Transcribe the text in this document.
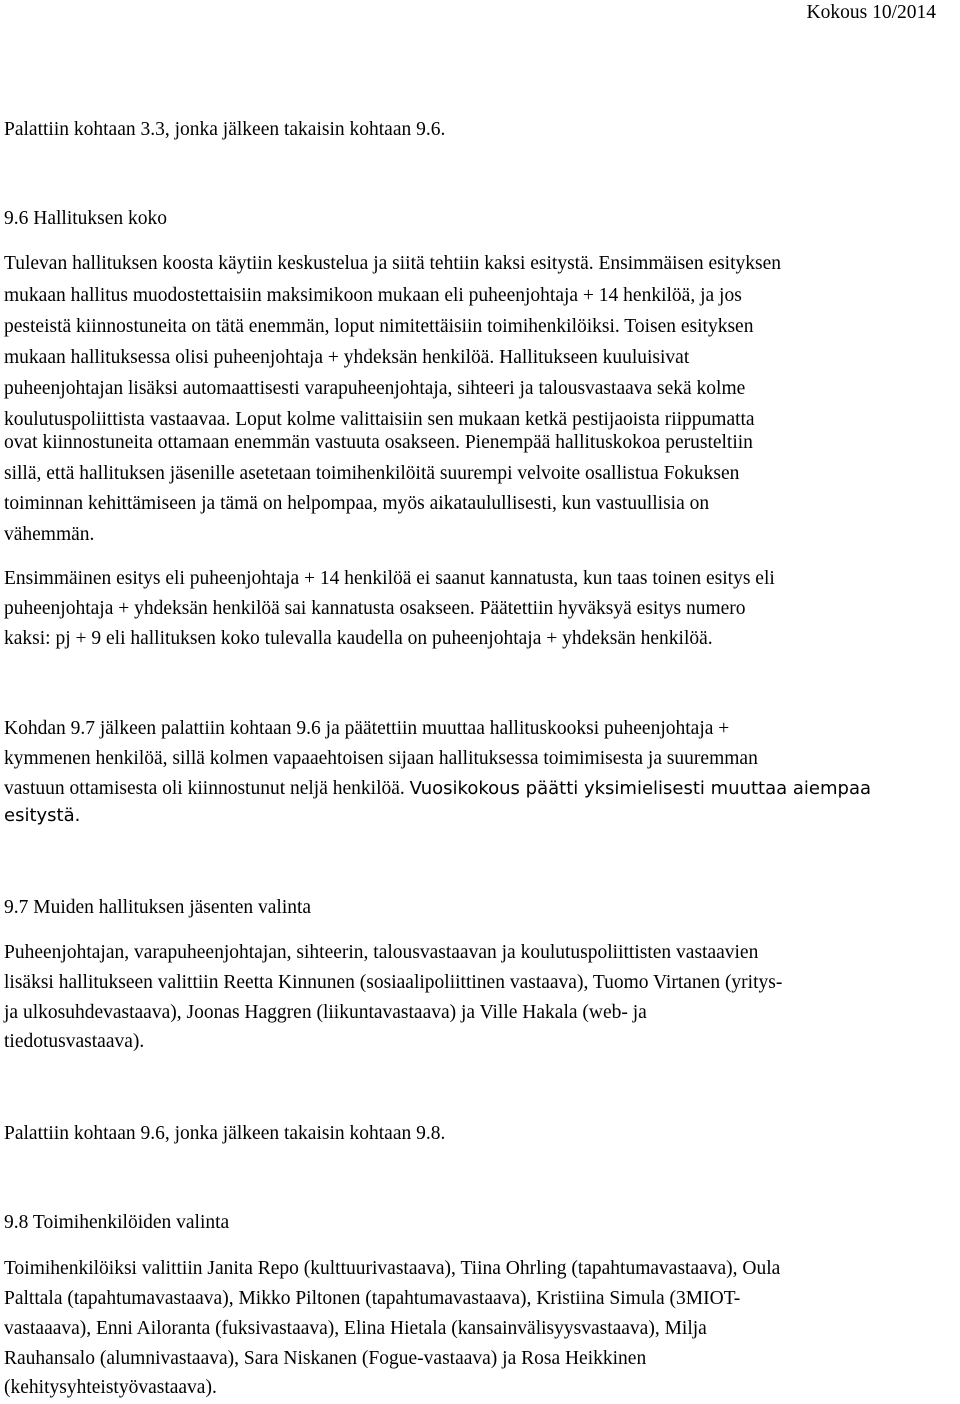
Kokous 10/2014
Palattiin kohtaan 3.3, jonka jälkeen takaisin kohtaan 9.6.
9.6 Hallituksen koko
Tulevan hallituksen koosta käytiin keskustelua ja siitä tehtiin kaksi esitystä. Ensimmäisen esityksen
mukaan hallitus muodostettaisiin maksimikoon mukaan eli puheenjohtaja + 14 henkilöä, ja jos
pesteistä kiinnostuneita on tätä enemmän, loput nimitettäisiin toimihenkilöiksi. Toisen esityksen
mukaan hallituksessa olisi puheenjohtaja + yhdeksän henkilöä. Hallitukseen kuuluisivat
puheenjohtajan lisäksi automaattisesti varapuheenjohtaja, sihteeri ja talousvastaava sekä kolme
koulutuspoliittista vastaavaa. Loput kolme valittaisiin sen mukaan ketkä pestijaoista riippumatta
ovat kiinnostuneita ottamaan enemmän vastuuta osakseen. Pienempää hallituskokoa perusteltiin
sillä, että hallituksen jäsenille asetetaan toimihenkilöitä suurempi velvoite osallistua Fokuksen
toiminnan kehittämiseen ja tämä on helpompaa, myös aikataulullisesti, kun vastuullisia on
vähemmän.
Ensimmäinen esitys eli puheenjohtaja + 14 henkilöä ei saanut kannatusta, kun taas toinen esitys eli
puheenjohtaja + yhdeksän henkilöä sai kannatusta osakseen. Päätettiin hyväksyä esitys numero
kaksi: pj + 9 eli hallituksen koko tulevalla kaudella on puheenjohtaja + yhdeksän henkilöä.
Kohdan 9.7 jälkeen palattiin kohtaan 9.6 ja päätettiin muuttaa hallituskooksi puheenjohtaja +
kymmenen henkilöä, sillä kolmen vapaaehtoisen sijaan hallituksessa toimimisesta ja suuremman
vastuun ottamisesta oli kiinnostunut neljä henkilöä. Vuosikokous päätti yksimielisesti muuttaa aiempaa
esitystä.
9.7 Muiden hallituksen jäsenten valinta
Puheenjohtajan, varapuheenjohtajan, sihteerin, talousvastaavan ja koulutuspoliittisten vastaavien
lisäksi hallitukseen valittiin Reetta Kinnunen (sosiaalipoliittinen vastaava), Tuomo Virtanen (yritys-
ja ulkosuhdevastaava), Joonas Haggren (liikuntavastaava) ja Ville Hakala (web- ja
tiedotusvastaava).
Palattiin kohtaan 9.6, jonka jälkeen takaisin kohtaan 9.8.
9.8 Toimihenkilöiden valinta
Toimihenkilöiksi valittiin Janita Repo (kulttuurivastaava), Tiina Ohrling (tapahtumavastaava), Oula
Palttala (tapahtumavastaava), Mikko Piltonen (tapahtumavastaava), Kristiina Simula (3MIOT-
vastaaava), Enni Ailoranta (fuksivastaava), Elina Hietala (kansainvälisyysvastaava), Milja
Rauhansalo (alumnivastaava), Sara Niskanen (Fogue-vastaava) ja Rosa Heikkinen
(kehitysyhteistyövastaava).
